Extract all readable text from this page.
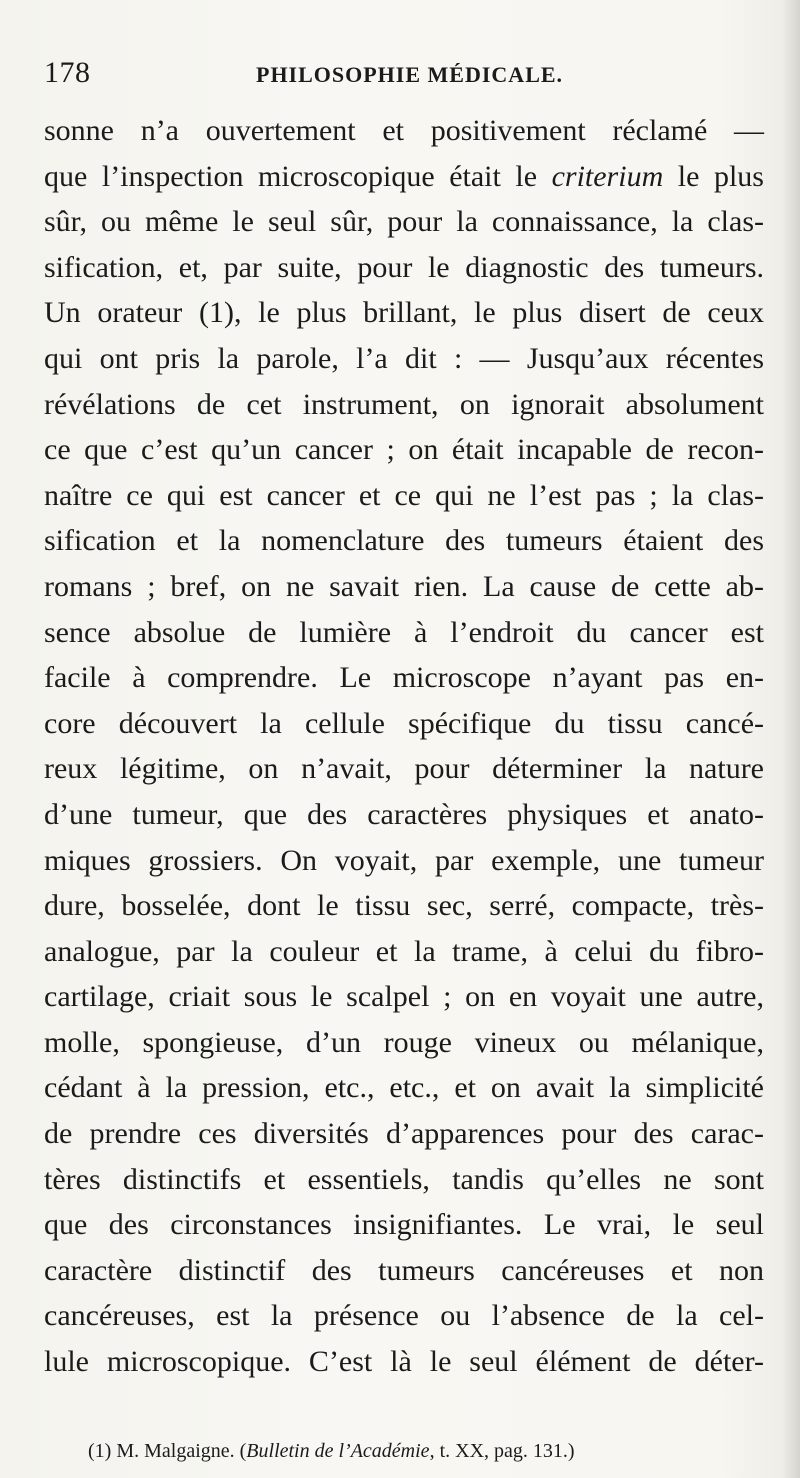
178	PHILOSOPHIE MÉDICALE.
sonne n’a ouvertement et positivement réclamé —
que l’inspection microscopique était le criterium le plus
sûr, ou même le seul sûr, pour la connaissance, la clas-
sification, et, par suite, pour le diagnostic des tumeurs.
Un orateur (1), le plus brillant, le plus disert de ceux
qui ont pris la parole, l’a dit : — Jusqu’aux récentes
révélations de cet instrument, on ignorait absolument
ce que c’est qu’un cancer ; on était incapable de recon-
naître ce qui est cancer et ce qui ne l’est pas ; la clas-
sification et la nomenclature des tumeurs étaient des
romans ; bref, on ne savait rien. La cause de cette ab-
sence absolue de lumière à l’endroit du cancer est
facile à comprendre. Le microscope n’ayant pas en-
core découvert la cellule spécifique du tissu cancé-
reux légitime, on n’avait, pour déterminer la nature
d’une tumeur, que des caractères physiques et anato-
miques grossiers. On voyait, par exemple, une tumeur
dure, bosselée, dont le tissu sec, serré, compacte, très-
analogue, par la couleur et la trame, à celui du fibro-
cartilage, criait sous le scalpel ; on en voyait une autre,
molle, spongieuse, d’un rouge vineux ou mélanique,
cédant à la pression, etc., etc., et on avait la simplicité
de prendre ces diversités d’apparences pour des carac-
tères distinctifs et essentiels, tandis qu’elles ne sont
que des circonstances insignifiantes. Le vrai, le seul
caractère distinctif des tumeurs cancéreuses et non
cancéreuses, est la présence ou l’absence de la cel-
lule microscopique. C’est là le seul élément de déter-
(1) M. Malgaigne. (Bulletin de l’Académie, t. XX, pag. 131.)
